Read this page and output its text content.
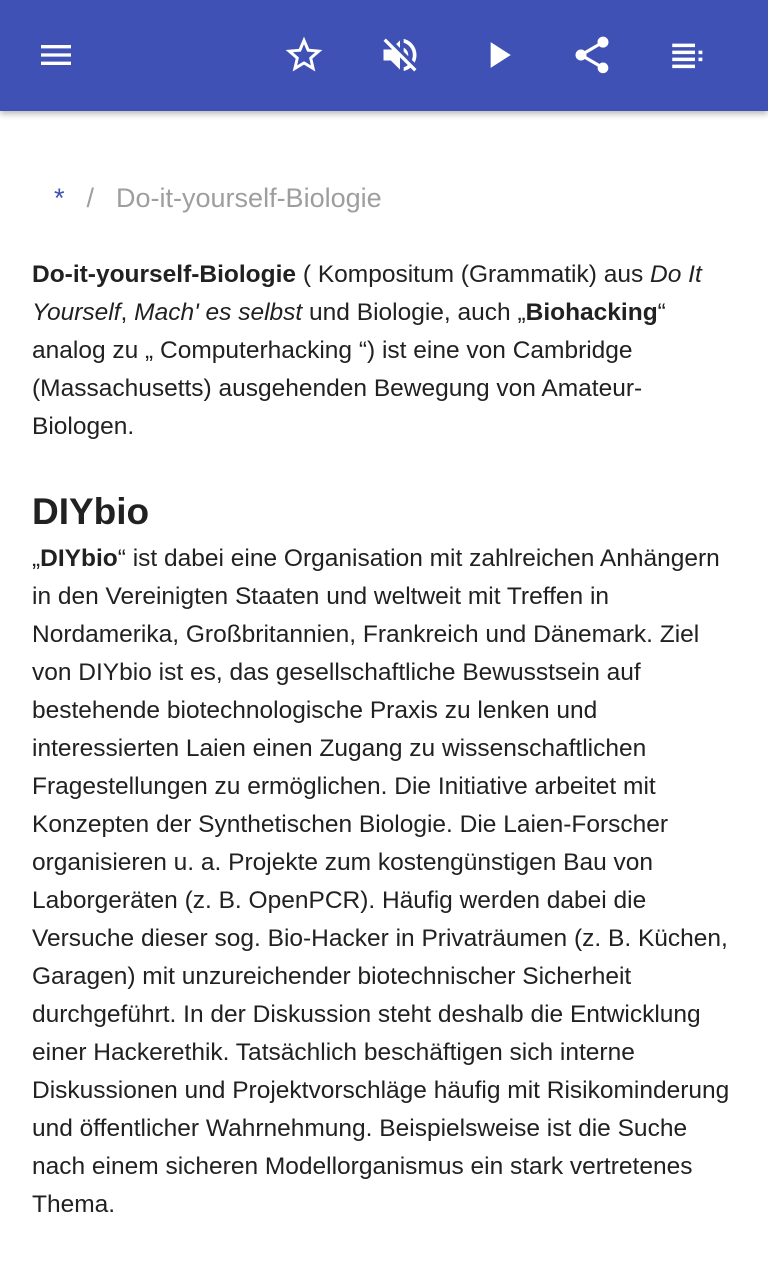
* / Do-it-yourself-Biologie

Do-it-yourself-Biologie ( Kompositum (Grammatik) aus Do It Yourself, Mach' es selbst und Biologie, auch „Biohacking“ analog zu „ Computerhacking “) ist eine von Cambridge (Massachusetts) ausgehenden Bewegung von Amateur-Biologen.

DIYbio

„DIYbio“ ist dabei eine Organisation mit zahlreichen Anhängern in den Vereinigten Staaten und weltweit mit Treffen in Nordamerika, Großbritannien, Frankreich und Dänemark. Ziel von DIYbio ist es, das gesellschaftliche Bewusstsein auf bestehende biotechnologische Praxis zu lenken und interessierten Laien einen Zugang zu wissenschaftlichen Fragestellungen zu ermöglichen. Die Initiative arbeitet mit Konzepten der Synthetischen Biologie. Die Laien-Forscher organisieren u. a. Projekte zum kostengünstigen Bau von Laborgeräten (z. B. OpenPCR). Häufig werden dabei die Versuche dieser sog. Bio-Hacker in Privaträumen (z. B. Küchen, Garagen) mit unzureichender biotechnischer Sicherheit durchgeführt. In der Diskussion steht deshalb die Entwicklung einer Hackerethik. Tatsächlich beschäftigen sich interne Diskussionen und Projektvorschläge häufig mit Risikominderung und öffentlicher Wahrnehmung. Beispielsweise ist die Suche nach einem sicheren Modellorganismus ein stark vertretenes Thema.
